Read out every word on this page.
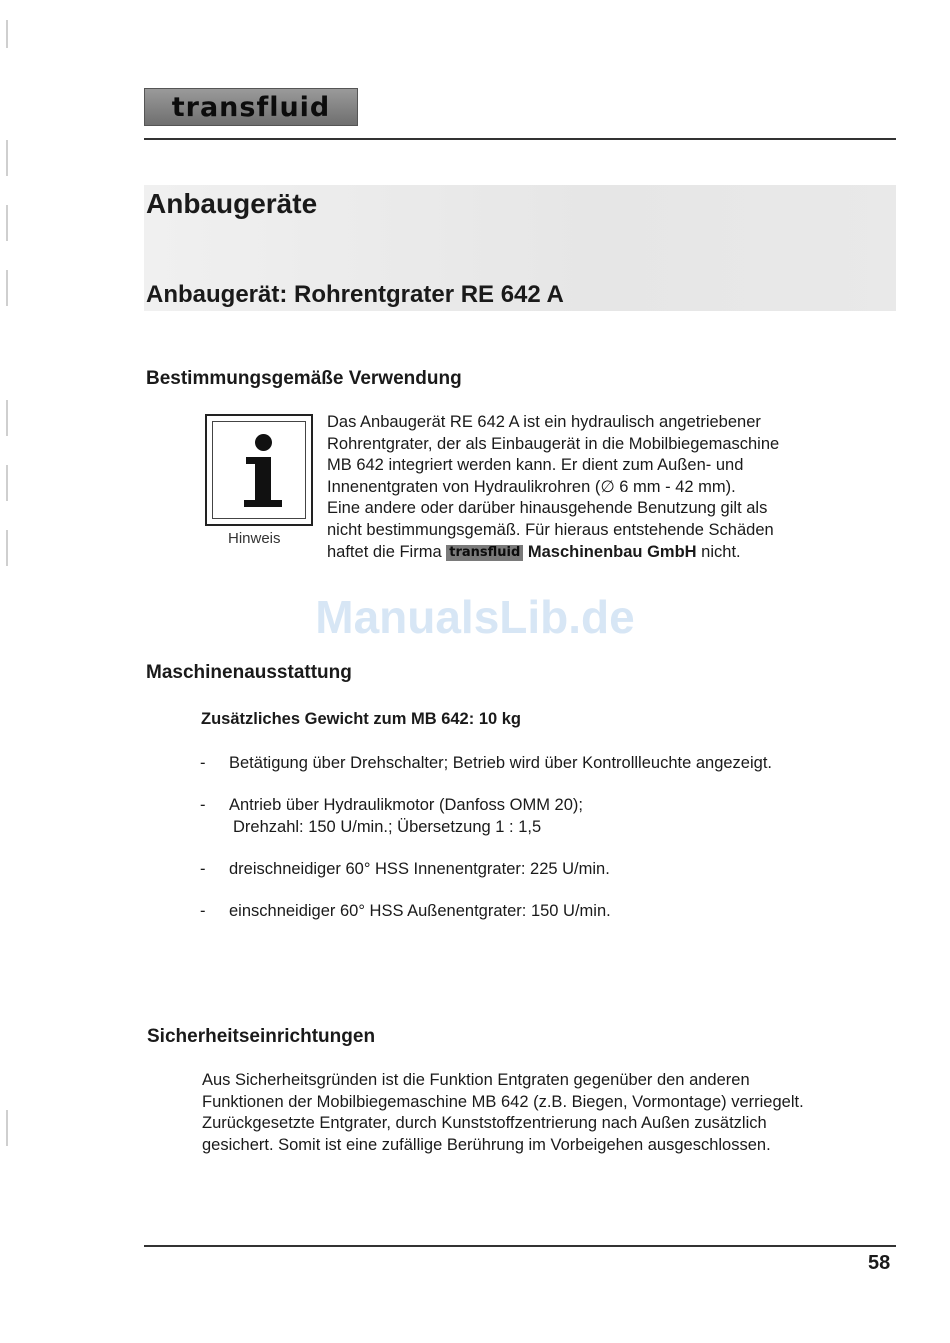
transfluid
Anbaugeräte
Anbaugerät: Rohrentgrater RE 642 A
Bestimmungsgemäße Verwendung
Hinweis
Das Anbaugerät RE 642 A ist ein hydraulisch angetriebener
Rohrentgrater, der als Einbaugerät in die Mobilbiegemaschine
MB 642 integriert werden kann. Er dient zum Außen- und
Innenentgraten von Hydraulikrohren (∅ 6 mm - 42 mm).
Eine andere oder darüber hinausgehende Benutzung gilt als
nicht bestimmungsgemäß. Für hieraus entstehende Schäden
haftet die Firma transfluid Maschinenbau GmbH nicht.
ManualsLib.de
Maschinenausstattung
Zusätzliches Gewicht zum MB 642: 10 kg
- Betätigung über Drehschalter; Betrieb wird über Kontrollleuchte angezeigt.
- Antrieb über Hydraulikmotor (Danfoss OMM 20);
Drehzahl: 150 U/min.; Übersetzung 1 : 1,5
- dreischneidiger 60° HSS Innenentgrater: 225 U/min.
- einschneidiger 60° HSS Außenentgrater: 150 U/min.
Sicherheitseinrichtungen
Aus Sicherheitsgründen ist die Funktion Entgraten gegenüber den anderen
Funktionen der Mobilbiegemaschine MB 642 (z.B. Biegen, Vormontage) verriegelt.
Zurückgesetzte Entgrater, durch Kunststoffzentrierung nach Außen zusätzlich
gesichert. Somit ist eine zufällige Berührung im Vorbeigehen ausgeschlossen.
58
